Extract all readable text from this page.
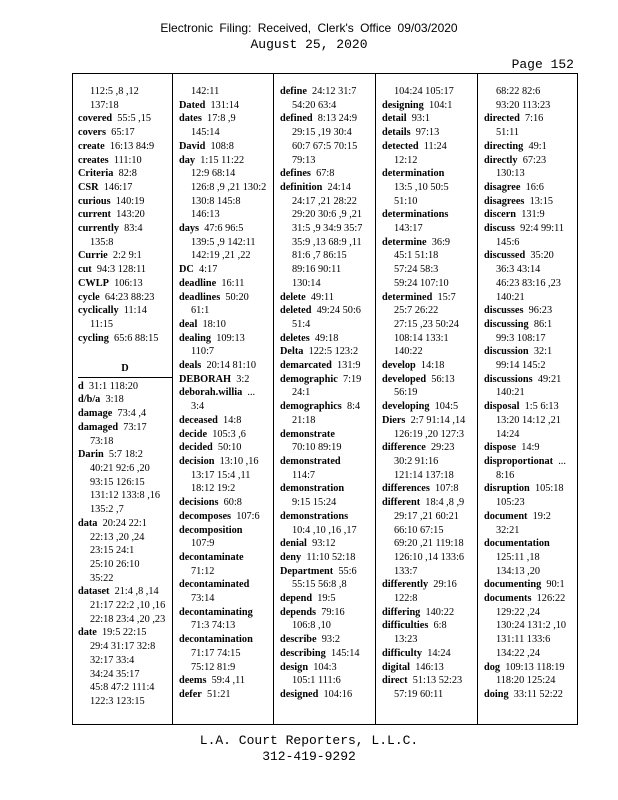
Electronic Filing: Received, Clerk's Office 09/03/2020
August 25, 2020
Page 152
112:5 ,8 ,12
137:18
covered 55:5 ,15
covers 65:17
create 16:13 84:9
creates 111:10
Criteria 82:8
CSR 146:17
curious 140:19
current 143:20
currently 83:4
135:8
Currie 2:2 9:1
cut 94:3 128:11
CWLP 106:13
cycle 64:23 88:23
cyclically 11:14
11:15
cycling 65:6 88:15

D
d 31:1 118:20
d/b/a 3:18
damage 73:4 ,4
damaged 73:17
73:18
Darin 5:7 18:2
40:21 92:6 ,20
93:15 126:15
131:12 133:8 ,16
135:2 ,7
data 20:24 22:1
22:13 ,20 ,24
23:15 24:1
25:10 26:10
35:22
dataset 21:4 ,8 ,14
21:17 22:2 ,10 ,16
22:18 23:4 ,20 ,23
date 19:5 22:15
29:4 31:17 32:8
32:17 33:4
34:24 35:17
45:8 47:2 111:4
122:3 123:15
142:11
Dated 131:14
dates 17:8 ,9
145:14
David 108:8
day 1:15 11:22
12:9 68:14
126:8 ,9 ,21 130:2
130:8 145:8
146:13
days 47:6 96:5
139:5 ,9 142:11
142:19 ,21 ,22
DC 4:17
deadline 16:11
deadlines 50:20
61:1
deal 18:10
dealing 109:13
110:7
deals 20:14 81:10
DEBORAH 3:2
deborah.willia ...
3:4
deceased 14:8
decide 105:3 ,6
decided 50:10
decision 13:10 ,16
13:17 15:4 ,11
18:12 19:2
decisions 60:8
decomposes 107:6
decomposition
107:9
decontaminate
71:12
decontaminated
73:14
decontaminating
71:3 74:13
decontamination
71:17 74:15
75:12 81:9
deems 59:4 ,11
defer 51:21
define 24:12 31:7
54:20 63:4
defined 8:13 24:9
29:15 ,19 30:4
60:7 67:5 70:15
79:13
defines 67:8
definition 24:14
24:17 ,21 28:22
29:20 30:6 ,9 ,21
31:5 ,9 34:9 35:7
35:9 ,13 68:9 ,11
81:6 ,7 86:15
89:16 90:11
130:14
delete 49:11
deleted 49:24 50:6
51:4
deletes 49:18
Delta 122:5 123:2
demarcated 131:9
demographic 7:19
24:1
demographics 8:4
21:18
demonstrate
70:10 89:19
demonstrated
114:7
demonstration
9:15 15:24
demonstrations
10:4 ,10 ,16 ,17
denial 93:12
deny 11:10 52:18
Department 55:6
55:15 56:8 ,8
depend 19:5
depends 79:16
106:8 ,10
describe 93:2
describing 145:14
design 104:3
105:1 111:6
designed 104:16
104:24 105:17
designing 104:1
detail 93:1
details 97:13
detected 11:24
12:12
determination
13:5 ,10 50:5
51:10
determinations
143:17
determine 36:9
45:1 51:18
57:24 58:3
59:24 107:10
determined 15:7
25:7 26:22
27:15 ,23 50:24
108:14 133:1
140:22
develop 14:18
developed 56:13
56:19
developing 104:5
Diers 2:7 91:14 ,14
126:19 ,20 127:3
difference 29:23
30:2 91:16
121:14 137:18
differences 107:8
different 18:4 ,8 ,9
29:17 ,21 60:21
66:10 67:15
69:20 ,21 119:18
126:10 ,14 133:6
133:7
differently 29:16
122:8
differing 140:22
difficulties 6:8
13:23
difficulty 14:24
digital 146:13
direct 51:13 52:23
57:19 60:11
68:22 82:6
93:20 113:23
directed 7:16
51:11
directing 49:1
directly 67:23
130:13
disagree 16:6
disagrees 13:15
discern 131:9
discuss 92:4 99:11
145:6
discussed 35:20
36:3 43:14
46:23 83:16 ,23
140:21
discusses 96:23
discussing 86:1
99:3 108:17
discussion 32:1
99:14 145:2
discussions 49:21
140:21
disposal 1:5 6:13
13:20 14:12 ,21
14:24
dispose 14:9
disproportionat ...
8:16
disruption 105:18
105:23
document 19:2
32:21
documentation
125:11 ,18
134:13 ,20
documenting 90:1
documents 126:22
129:22 ,24
130:24 131:2 ,10
131:11 133:6
134:22 ,24
dog 109:13 118:19
118:20 125:24
doing 33:11 52:22
L.A. Court Reporters, L.L.C.
312-419-9292
